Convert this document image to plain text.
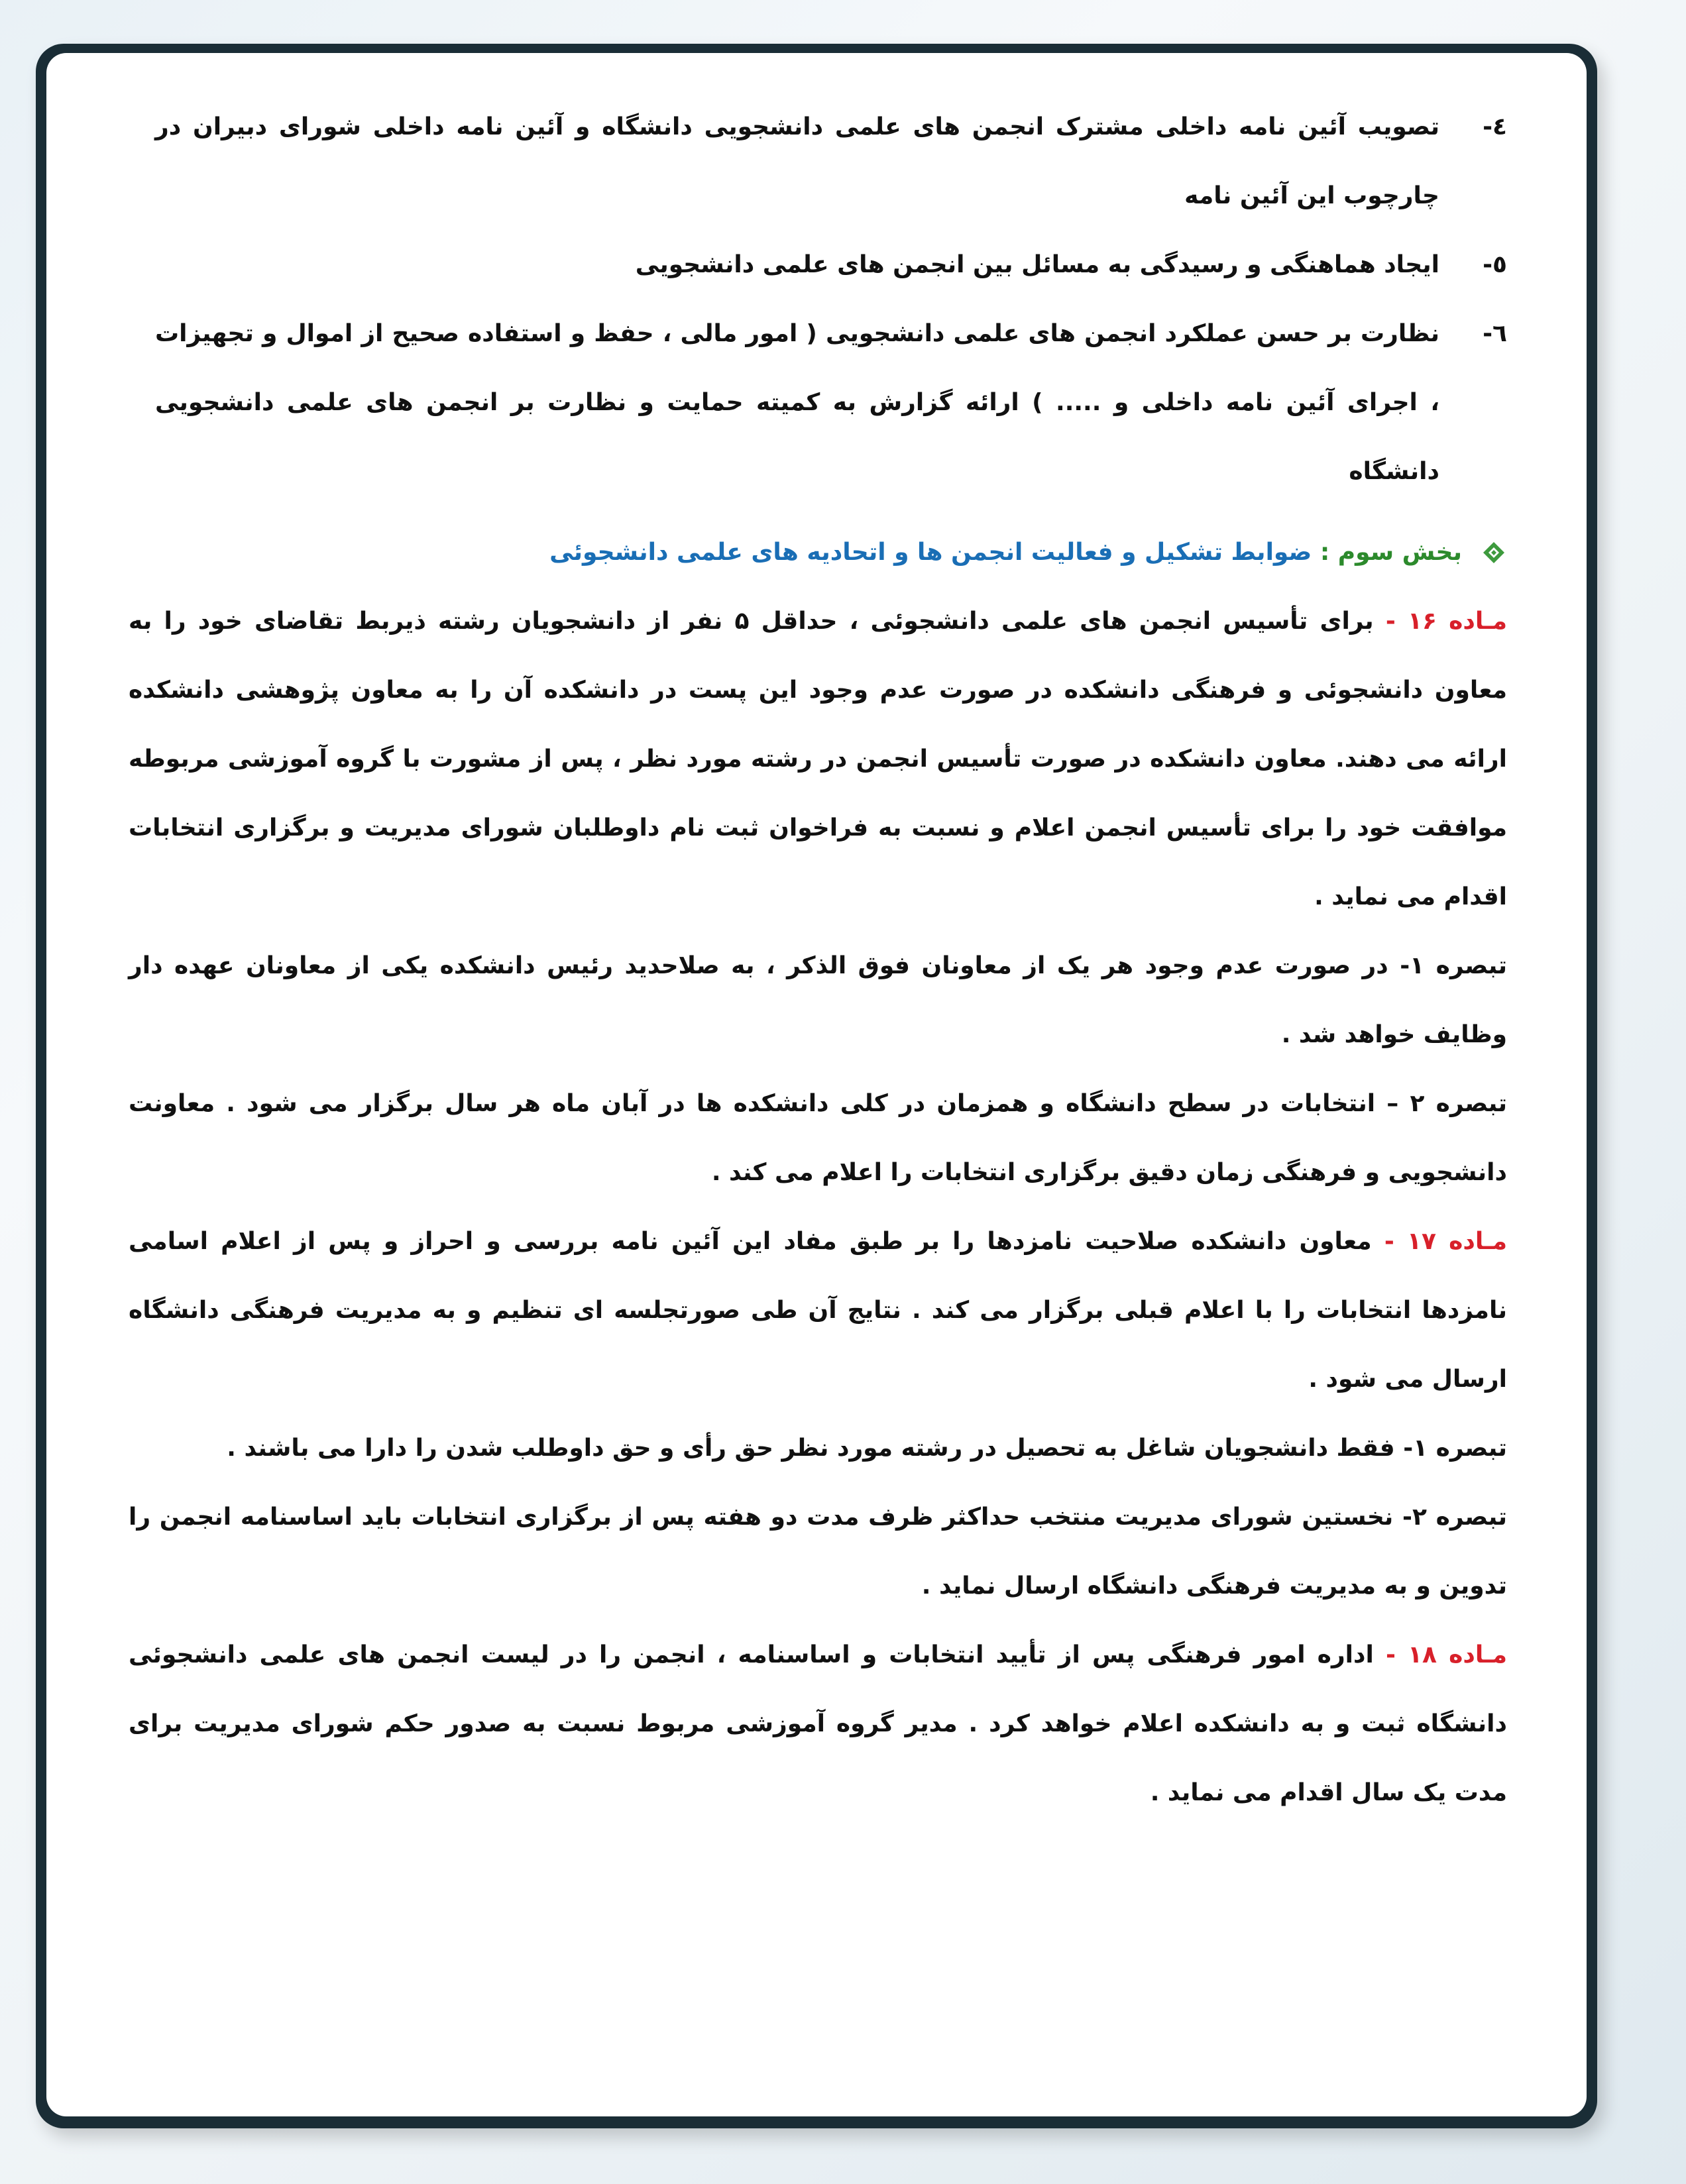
٤-
تصویب آئین نامه داخلی مشترک انجمن های علمی دانشجویی دانشگاه و آئین نامه داخلی شورای دبیران در چارچوب این آئین نامه
٥-
ایجاد هماهنگی و رسیدگی به مسائل بین انجمن های علمی دانشجویی
٦-
نظارت بر حسن عملکرد انجمن های علمی دانشجویی ( امور مالی ، حفظ و استفاده صحیح از اموال و تجهیزات ، اجرای آئین نامه داخلی و ..... ) ارائه گزارش به کمیته حمایت و نظارت بر انجمن های علمی دانشجویی دانشگاه
بخش سوم : ضوابط تشکیل و فعالیت انجمن ها و اتحادیه های علمی دانشجوئی

مـاده ۱۶ - برای تأسیس انجمن های علمی دانشجوئی ، حداقل ۵ نفر از دانشجویان رشته ذیربط تقاضای خود را به معاون دانشجوئی و فرهنگی دانشکده در صورت عدم وجود این پست در دانشکده آن را به معاون پژوهشی دانشکده ارائه می دهند. معاون دانشکده در صورت تأسیس انجمن در رشته مورد نظر ، پس از مشورت با گروه آموزشی مربوطه موافقت خود را برای تأسیس انجمن اعلام و نسبت به فراخوان ثبت نام داوطلبان شورای مدیریت و برگزاری انتخابات اقدام می نماید .

تبصره ۱- در صورت عدم وجود هر یک از معاونان فوق الذکر ، به صلاحدید رئیس دانشکده یکی از معاونان عهده دار وظایف خواهد شد .

تبصره ۲ – انتخابات در سطح دانشگاه و همزمان در کلی دانشکده ها در آبان ماه هر سال برگزار می شود . معاونت دانشجویی و فرهنگی زمان دقیق برگزاری انتخابات را اعلام می کند .

مـاده ۱۷ - معاون دانشکده صلاحیت نامزدها را بر طبق مفاد این آئین نامه بررسی و احراز و پس از اعلام اسامی نامزدها انتخابات را با اعلام قبلی برگزار می کند . نتایج آن طی صورتجلسه ای تنظیم و به مدیریت فرهنگی دانشگاه ارسال می شود .

تبصره ۱- فقط دانشجویان شاغل به تحصیل در رشته مورد نظر حق رأی و حق داوطلب شدن را دارا می باشند .

تبصره ۲- نخستین شورای مدیریت منتخب حداکثر ظرف مدت دو هفته پس از برگزاری انتخابات باید اساسنامه انجمن را تدوین و به مدیریت فرهنگی دانشگاه ارسال نماید .

مـاده ۱۸ - اداره امور فرهنگی پس از تأیید انتخابات و اساسنامه ، انجمن را در لیست انجمن های علمی دانشجوئی دانشگاه ثبت و به دانشکده اعلام خواهد کرد . مدیر گروه آموزشی مربوط نسبت به صدور حکم شورای مدیریت برای مدت یک سال اقدام می نماید .
